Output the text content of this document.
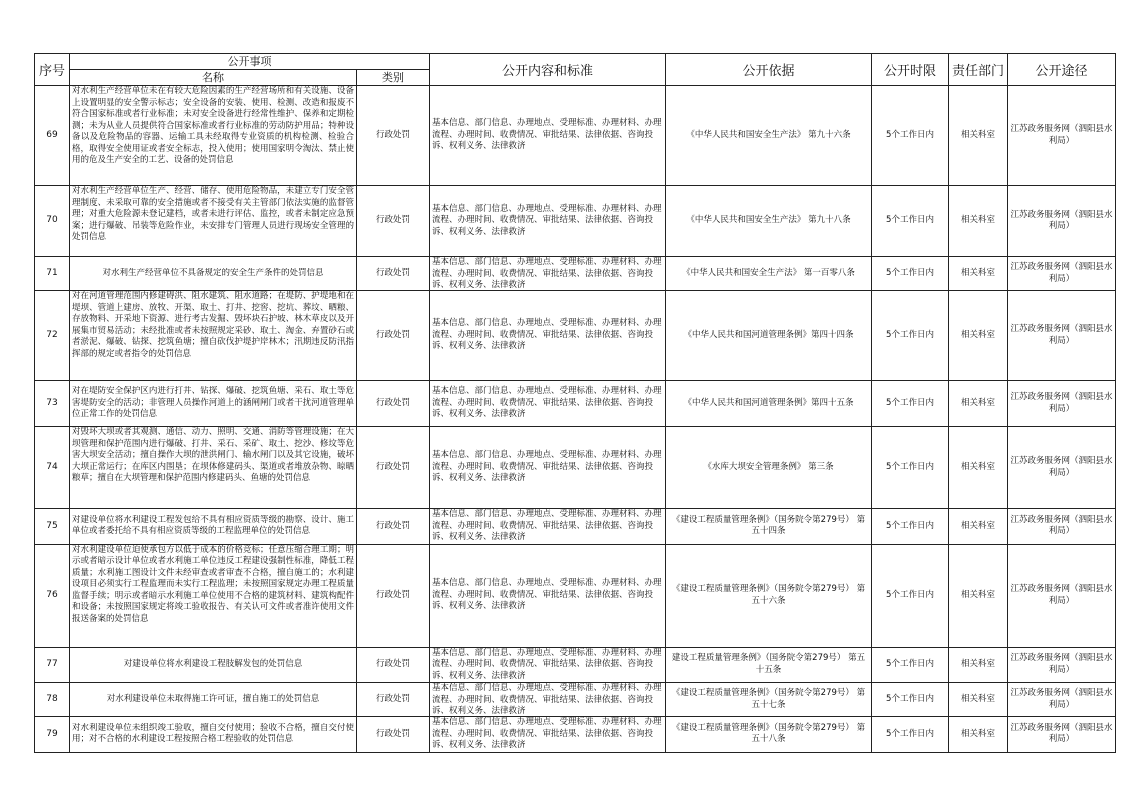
序号	公开事项		公开内容和标准	公开依据	公开时限	责任部门	公开途径
	名称	类别					
69	对水利生产经营单位未在有较大危险因素的生产经营场所和有关设施、设备上设置明显的安全警示标志；安全设备的安装、使用、检测、改造和报废不符合国家标准或者行业标准；未对安全设备进行经常性维护、保养和定期检测；未为从业人员提供符合国家标准或者行业标准的劳动防护用品；特种设备以及危险物品的容器、运输工具未经取得专业资质的机构检测、检验合格，取得安全使用证或者安全标志，投入使用；使用国家明令淘汰、禁止使用的危及生产安全的工艺、设备的处罚信息	行政处罚	基本信息、部门信息、办理地点、受理标准、办理材料、办理流程、办理时间、收费情况、审批结果、法律依据、咨询投诉、权利义务、法律救济	《中华人民共和国安全生产法》 第九十六条	5个工作日内	相关科室	江苏政务服务网（泗阳县水利局）
70	对水利生产经营单位生产、经营、储存、使用危险物品，未建立专门安全管理制度、未采取可靠的安全措施或者不接受有关主管部门依法实施的监督管理；对重大危险源未登记建档，或者未进行评估、监控，或者未制定应急预案；进行爆破、吊装等危险作业，未安排专门管理人员进行现场安全管理的处罚信息	行政处罚	基本信息、部门信息、办理地点、受理标准、办理材料、办理流程、办理时间、收费情况、审批结果、法律依据、咨询投诉、权利义务、法律救济	《中华人民共和国安全生产法》 第九十八条	5个工作日内	相关科室	江苏政务服务网（泗阳县水利局）
71	对水利生产经营单位不具备规定的安全生产条件的处罚信息	行政处罚	基本信息、部门信息、办理地点、受理标准、办理材料、办理流程、办理时间、收费情况、审批结果、法律依据、咨询投诉、权利义务、法律救济	《中华人民共和国安全生产法》 第一百零八条	5个工作日内	相关科室	江苏政务服务网（泗阳县水利局）
72	对在河道管理范围内修建碍洪、阻水建筑、阻水道路；在堤防、护堤地和在堤坝、管道上建房、放牧、开渠、取土、打井、挖窖、挖坑、葬坟、晒粮、存放物料、开采地下资源、进行考古发掘、毁坏块石护坡、林木草皮以及开展集市贸易活动；未经批准或者未按照规定采砂、取土、淘金、弃置砂石或者淤泥、爆破、钻探、挖筑鱼塘；擅自砍伐护堤护岸林木；汛期违反防汛指挥部的规定或者指令的处罚信息	行政处罚	基本信息、部门信息、办理地点、受理标准、办理材料、办理流程、办理时间、收费情况、审批结果、法律依据、咨询投诉、权利义务、法律救济	《中华人民共和国河道管理条例》第四十四条	5个工作日内	相关科室	江苏政务服务网（泗阳县水利局）
73	对在堤防安全保护区内进行打井、钻探、爆破、挖筑鱼塘、采石、取土等危害堤防安全的活动；非管理人员操作河道上的涵闸闸门或者干扰河道管理单位正常工作的处罚信息	行政处罚	基本信息、部门信息、办理地点、受理标准、办理材料、办理流程、办理时间、收费情况、审批结果、法律依据、咨询投诉、权利义务、法律救济	《中华人民共和国河道管理条例》第四十五条	5个工作日内	相关科室	江苏政务服务网（泗阳县水利局）
74	对毁坏大坝或者其观测、通信、动力、照明、交通、消防等管理设施；在大坝管理和保护范围内进行爆破、打井、采石、采矿、取土、挖沙、修坟等危害大坝安全活动；擅自操作大坝的泄洪闸门、输水闸门以及其它设施，破坏大坝正常运行；在库区内围垦；在坝体修建码头、渠道或者堆放杂物、晾晒粮草；擅自在大坝管理和保护范围内修建码头、鱼塘的处罚信息	行政处罚	基本信息、部门信息、办理地点、受理标准、办理材料、办理流程、办理时间、收费情况、审批结果、法律依据、咨询投诉、权利义务、法律救济	《水库大坝安全管理条例》 第三条	5个工作日内	相关科室	江苏政务服务网（泗阳县水利局）
75	对建设单位将水利建设工程发包给不具有相应资质等级的勘察、设计、施工单位或者委托给不具有相应资质等级的工程监理单位的处罚信息	行政处罚	基本信息、部门信息、办理地点、受理标准、办理材料、办理流程、办理时间、收费情况、审批结果、法律依据、咨询投诉、权利义务、法律救济	《建设工程质量管理条例》（国务院令第279号） 第五十四条	5个工作日内	相关科室	江苏政务服务网（泗阳县水利局）
76	对水利建设单位迫使承包方以低于成本的价格竞标；任意压缩合理工期；明示或者暗示设计单位或者水利施工单位违反工程建设强制性标准，降低工程质量；水利施工图设计文件未经审查或者审查不合格，擅自施工的；水利建设项目必须实行工程监理而未实行工程监理；未按照国家规定办理工程质量监督手续；明示或者暗示水利施工单位使用不合格的建筑材料、建筑构配件和设备；未按照国家规定将竣工验收报告、有关认可文件或者准许使用文件报送备案的处罚信息	行政处罚	基本信息、部门信息、办理地点、受理标准、办理材料、办理流程、办理时间、收费情况、审批结果、法律依据、咨询投诉、权利义务、法律救济	《建设工程质量管理条例》（国务院令第279号） 第五十六条	5个工作日内	相关科室	江苏政务服务网（泗阳县水利局）
77	对建设单位将水利建设工程肢解发包的处罚信息	行政处罚	基本信息、部门信息、办理地点、受理标准、办理材料、办理流程、办理时间、收费情况、审批结果、法律依据、咨询投诉、权利义务、法律救济	建设工程质量管理条例》（国务院令第279号） 第五十五条	5个工作日内	相关科室	江苏政务服务网（泗阳县水利局）
78	对水利建设单位未取得施工许可证，擅自施工的处罚信息	行政处罚	基本信息、部门信息、办理地点、受理标准、办理材料、办理流程、办理时间、收费情况、审批结果、法律依据、咨询投诉、权利义务、法律救济	《建设工程质量管理条例》（国务院令第279号） 第五十七条	5个工作日内	相关科室	江苏政务服务网（泗阳县水利局）
79	对水利建设单位未组织竣工验收，擅自交付使用；验收不合格，擅自交付使用；对不合格的水利建设工程按照合格工程验收的处罚信息	行政处罚	基本信息、部门信息、办理地点、受理标准、办理材料、办理流程、办理时间、收费情况、审批结果、法律依据、咨询投诉、权利义务、法律救济	《建设工程质量管理条例》（国务院令第279号） 第五十八条	5个工作日内	相关科室	江苏政务服务网（泗阳县水利局）
